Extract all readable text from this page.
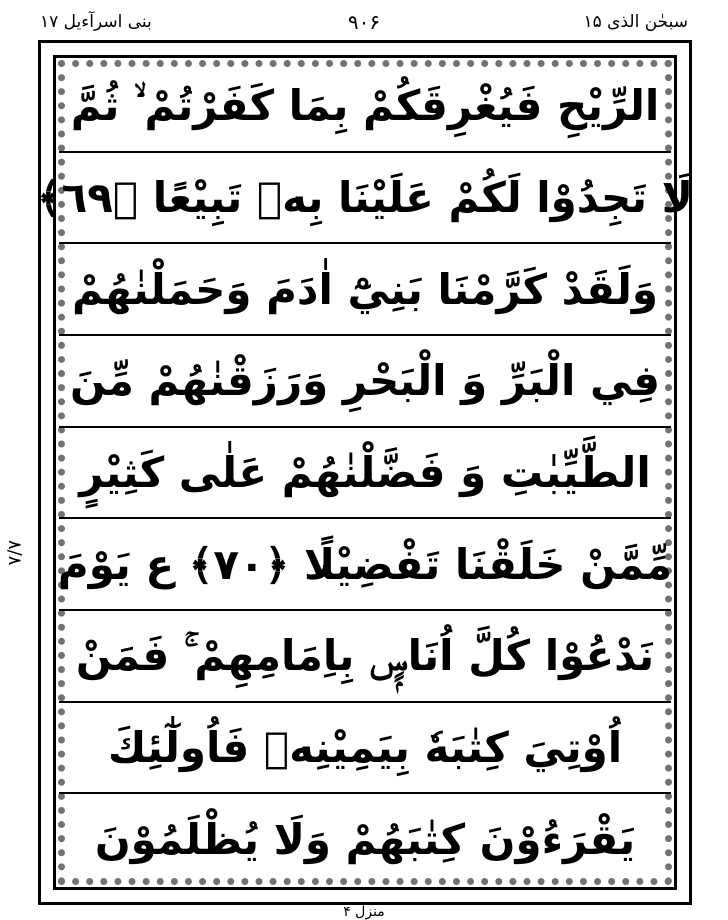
بنی اسرآءیل ۱۷	۹۰۶	سبحٰن الذی ۱۵
الرِّيْحِ فَيُغْرِقَكُمْ بِمَا كَفَرْتُمْ ۙ ثُمَّ
لَا تَجِدُوْا لَكُمْ عَلَيْنَا بِهٖ تَبِيْعًا ﴿٦٩﴾
وَلَقَدْ كَرَّمْنَا بَنِيْٓ اٰدَمَ وَحَمَلْنٰهُمْ
فِي الْبَرِّ وَ الْبَحْرِ وَرَزَقْنٰهُمْ مِّنَ
الطَّيِّبٰتِ وَ فَضَّلْنٰهُمْ عَلٰى كَثِيْرٍ
مِّمَّنْ خَلَقْنَا تَفْضِيْلًا ﴿٧٠﴾ ع يَوْمَ
نَدْعُوْا كُلَّ اُنَاسٍۭ بِاِمَامِهِمْ ۚ فَمَنْ
اُوْتِيَ كِتٰبَهٗ بِيَمِيْنِهٖ فَاُولٰٓئِكَ
يَقْرَءُوْنَ كِتٰبَهُمْ وَلَا يُظْلَمُوْنَ
۸/۸
منزل ۴
